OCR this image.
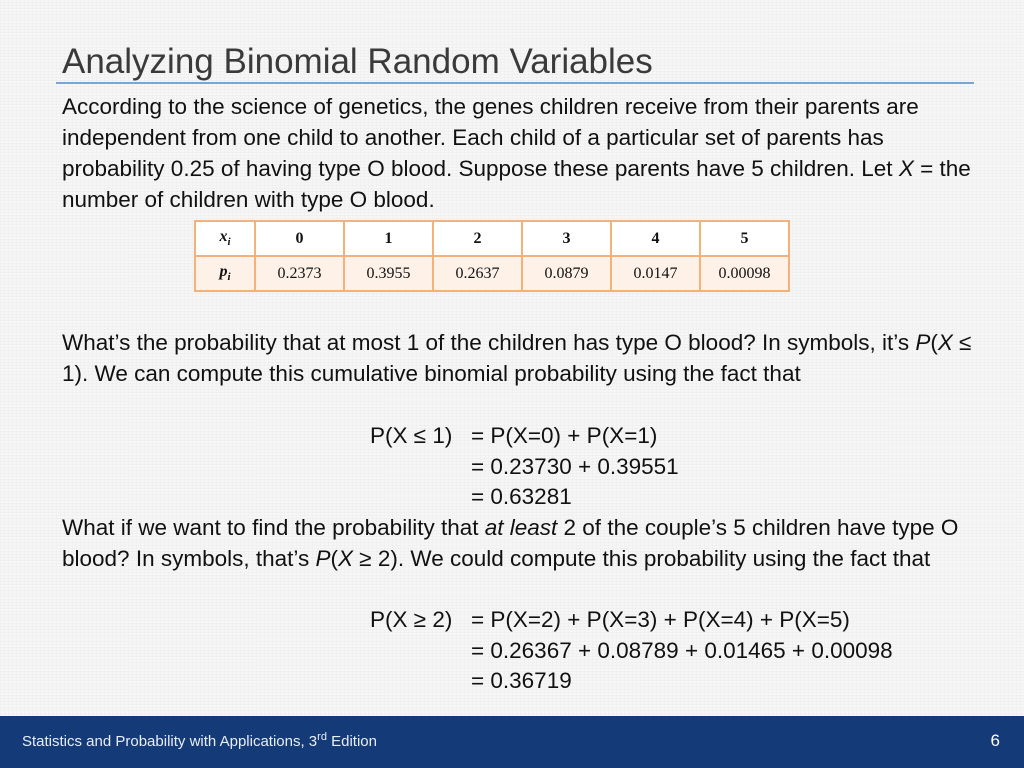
Analyzing Binomial Random Variables
According to the science of genetics, the genes children receive from their parents are independent from one child to another. Each child of a particular set of parents has probability 0.25 of having type O blood. Suppose these parents have 5 children. Let X = the number of children with type O blood.
$x_i$	0	1	2	3	4	5
$p_i$	0.2373	0.3955	0.2637	0.0879	0.0147	0.00098
What’s the probability that at most 1 of the children has type O blood? In symbols, it’s P(X ≤ 1). We can compute this cumulative binomial probability using the fact that
P(X ≤ 1) = P(X=0) + P(X=1)
= 0.23730 + 0.39551
= 0.63281
What if we want to find the probability that at least 2 of the couple’s 5 children have type O blood? In symbols, that’s P(X ≥ 2). We could compute this probability using the fact that
P(X ≥ 2) = P(X=2) + P(X=3) + P(X=4) + P(X=5)
= 0.26367 + 0.08789 + 0.01465 + 0.00098
= 0.36719
Statistics and Probability with Applications, 3rd Edition	6
